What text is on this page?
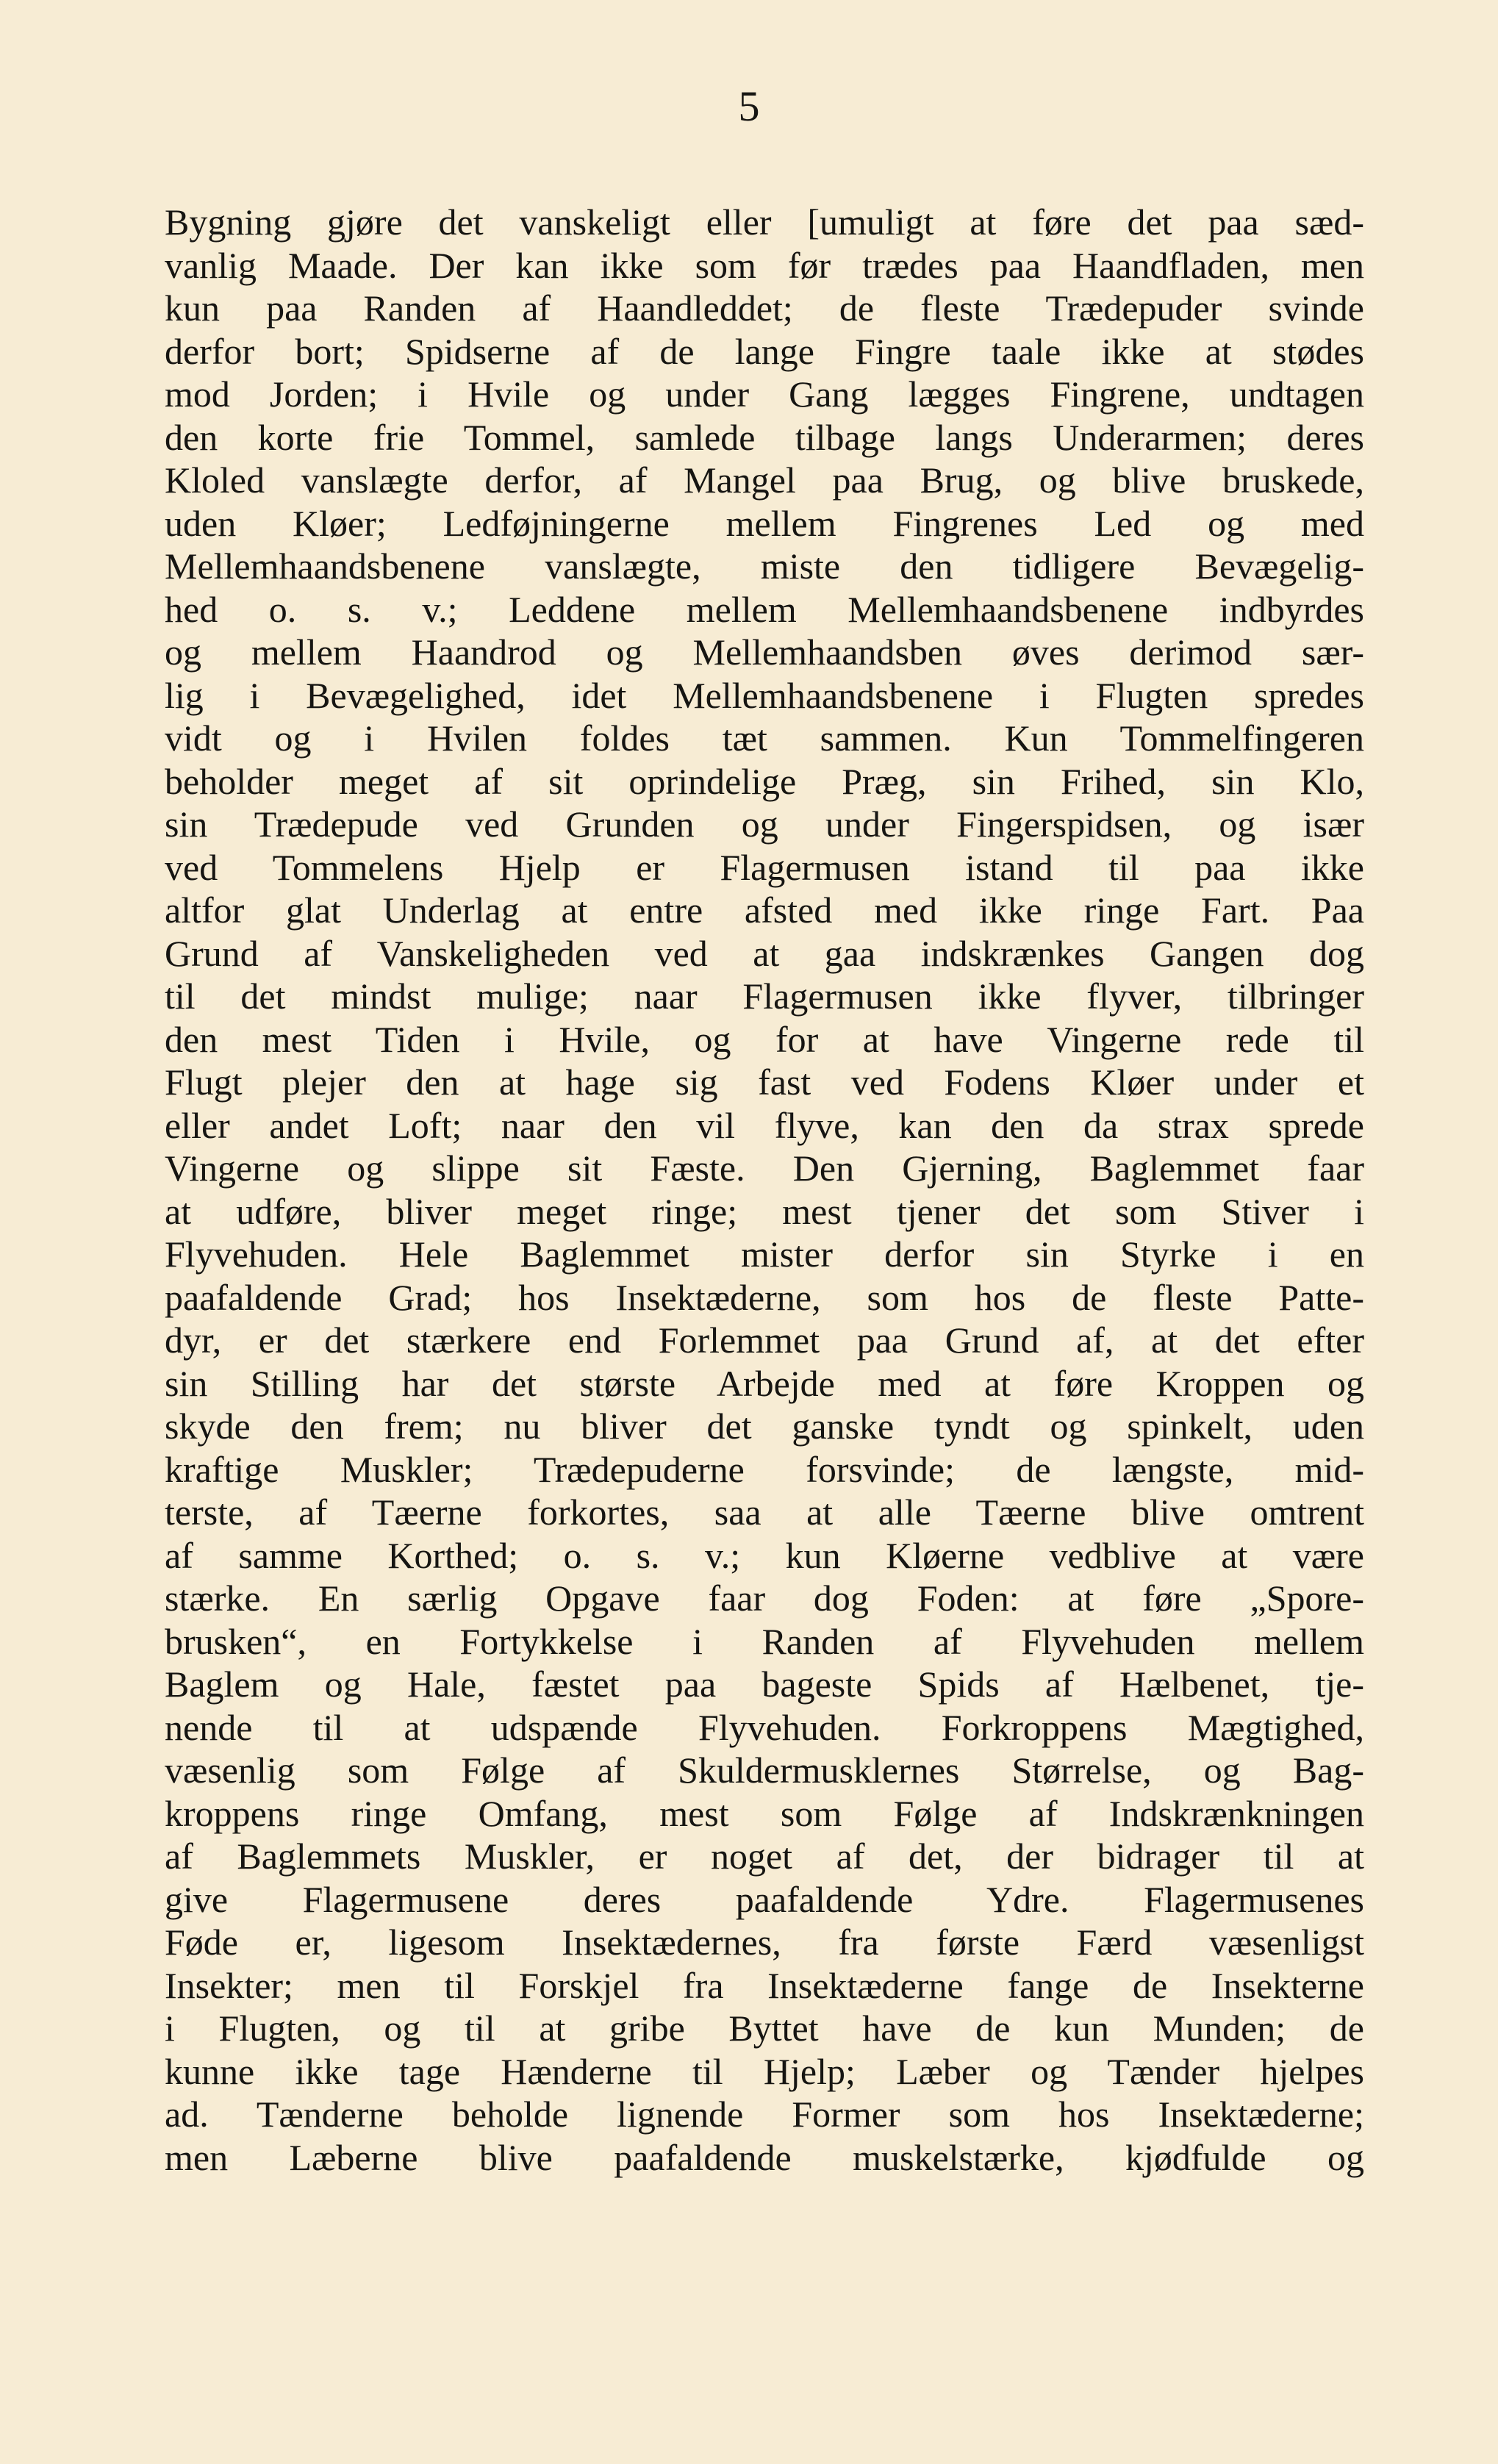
5
Bygning gjøre det vanskeligt eller [umuligt at føre det paa sæd-
vanlig Maade. Der kan ikke som før trædes paa Haandfladen, men
kun paa Randen af Haandleddet; de fleste Trædepuder svinde
derfor bort; Spidserne af de lange Fingre taale ikke at stødes
mod Jorden; i Hvile og under Gang lægges Fingrene, undtagen
den korte frie Tommel, samlede tilbage langs Underarmen; deres
Kloled vanslægte derfor, af Mangel paa Brug, og blive bruskede,
uden Kløer; Ledføjningerne mellem Fingrenes Led og med
Mellemhaandsbenene vanslægte, miste den tidligere Bevægelig-
hed o. s. v.; Leddene mellem Mellemhaandsbenene indbyrdes
og mellem Haandrod og Mellemhaandsben øves derimod sær-
lig i Bevægelighed, idet Mellemhaandsbenene i Flugten spredes
vidt og i Hvilen foldes tæt sammen. Kun Tommelfingeren
beholder meget af sit oprindelige Præg, sin Frihed, sin Klo,
sin Trædepude ved Grunden og under Fingerspidsen, og især
ved Tommelens Hjelp er Flagermusen istand til paa ikke
altfor glat Underlag at entre afsted med ikke ringe Fart. Paa
Grund af Vanskeligheden ved at gaa indskrænkes Gangen dog
til det mindst mulige; naar Flagermusen ikke flyver, tilbringer
den mest Tiden i Hvile, og for at have Vingerne rede til
Flugt plejer den at hage sig fast ved Fodens Kløer under et
eller andet Loft; naar den vil flyve, kan den da strax sprede
Vingerne og slippe sit Fæste. Den Gjerning, Baglemmet faar
at udføre, bliver meget ringe; mest tjener det som Stiver i
Flyvehuden. Hele Baglemmet mister derfor sin Styrke i en
paafaldende Grad; hos Insektæderne, som hos de fleste Patte-
dyr, er det stærkere end Forlemmet paa Grund af, at det efter
sin Stilling har det største Arbejde med at føre Kroppen og
skyde den frem; nu bliver det ganske tyndt og spinkelt, uden
kraftige Muskler; Trædepuderne forsvinde; de længste, mid-
terste, af Tæerne forkortes, saa at alle Tæerne blive omtrent
af samme Korthed; o. s. v.; kun Kløerne vedblive at være
stærke. En særlig Opgave faar dog Foden: at føre „Spore-
brusken“, en Fortykkelse i Randen af Flyvehuden mellem
Baglem og Hale, fæstet paa bageste Spids af Hælbenet, tje-
nende til at udspænde Flyvehuden. Forkroppens Mægtighed,
væsenlig som Følge af Skuldermusklernes Størrelse, og Bag-
kroppens ringe Omfang, mest som Følge af Indskrænkningen
af Baglemmets Muskler, er noget af det, der bidrager til at
give Flagermusene deres paafaldende Ydre. Flagermusenes
Føde er, ligesom Insektædernes, fra første Færd væsenligst
Insekter; men til Forskjel fra Insektæderne fange de Insekterne
i Flugten, og til at gribe Byttet have de kun Munden; de
kunne ikke tage Hænderne til Hjelp; Læber og Tænder hjelpes
ad. Tænderne beholde lignende Former som hos Insektæderne;
men Læberne blive paafaldende muskelstærke, kjødfulde og
